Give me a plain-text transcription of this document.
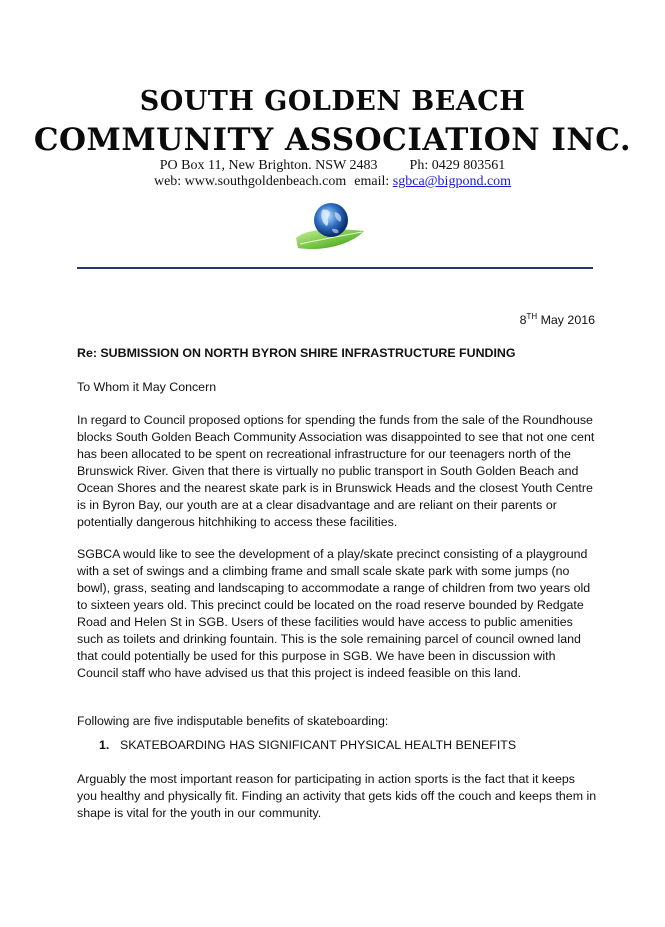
SOUTH GOLDEN BEACH
COMMUNITY ASSOCIATION INC.
PO Box 11, New Brighton. NSW 2483 Ph: 0429 803561
web: www.southgoldenbeach.com email: sgbca@bigpond.com
8TH May 2016
Re: SUBMISSION ON NORTH BYRON SHIRE INFRASTRUCTURE FUNDING
To Whom it May Concern
In regard to Council proposed options for spending the funds from the sale of the Roundhouse blocks South Golden Beach Community Association was disappointed to see that not one cent has been allocated to be spent on recreational infrastructure for our teenagers north of the Brunswick River. Given that there is virtually no public transport in South Golden Beach and Ocean Shores and the nearest skate park is in Brunswick Heads and the closest Youth Centre is in Byron Bay, our youth are at a clear disadvantage and are reliant on their parents or potentially dangerous hitchhiking to access these facilities.
SGBCA would like to see the development of a play/skate precinct consisting of a playground with a set of swings and a climbing frame and small scale skate park with some jumps (no bowl), grass, seating and landscaping to accommodate a range of children from two years old to sixteen years old. This precinct could be located on the road reserve bounded by Redgate Road and Helen St in SGB. Users of these facilities would have access to public amenities such as toilets and drinking fountain. This is the sole remaining parcel of council owned land that could potentially be used for this purpose in SGB. We have been in discussion with Council staff who have advised us that this project is indeed feasible on this land.
Following are five indisputable benefits of skateboarding:
1. SKATEBOARDING HAS SIGNIFICANT PHYSICAL HEALTH BENEFITS
Arguably the most important reason for participating in action sports is the fact that it keeps you healthy and physically fit. Finding an activity that gets kids off the couch and keeps them in shape is vital for the youth in our community.
